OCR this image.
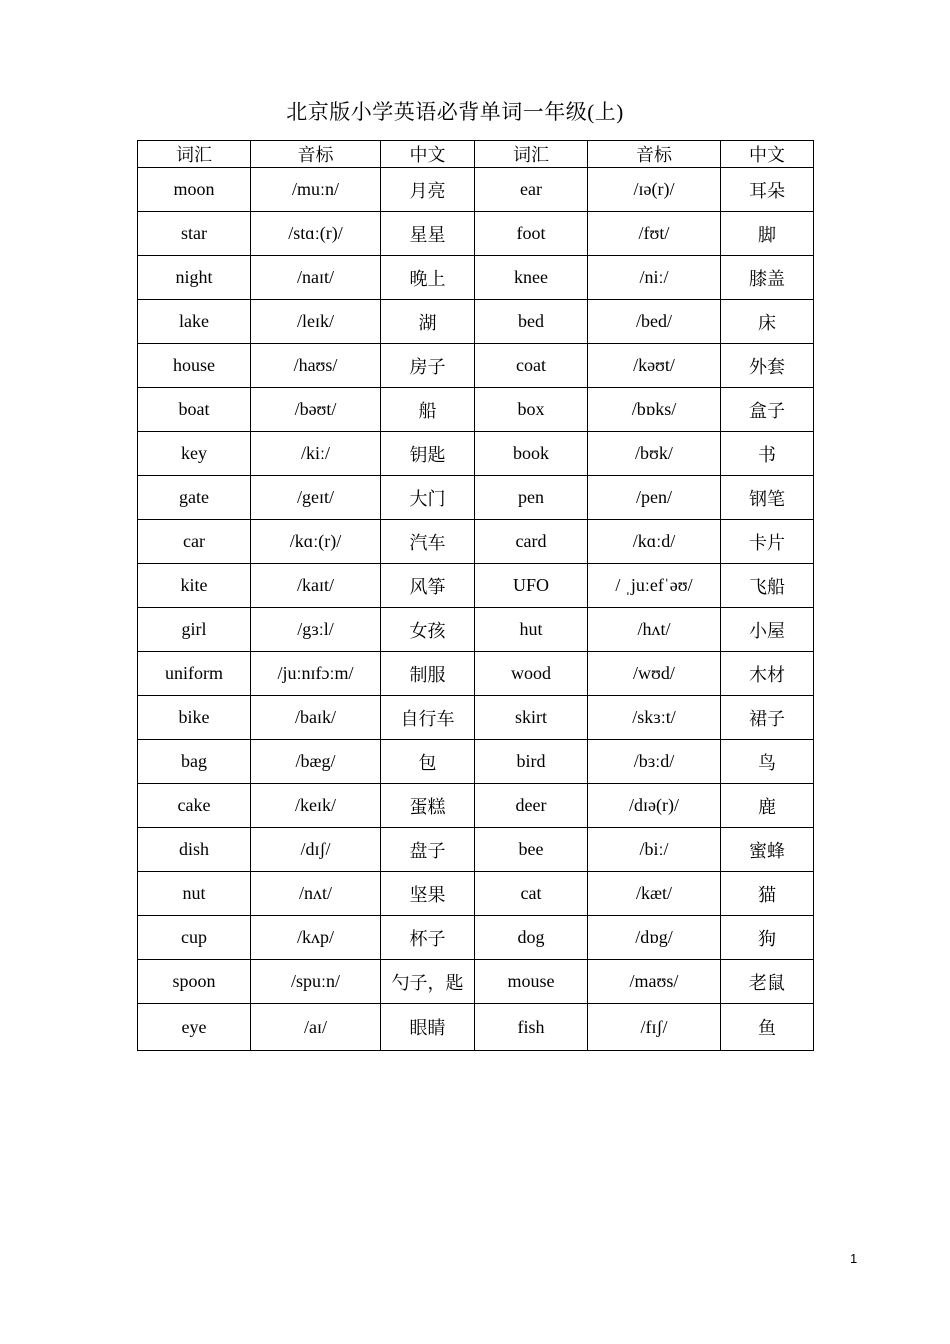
北京版小学英语必背单词一年级(上)
词汇	音标	中文	词汇	音标	中文
moon	/muːn/	月亮	ear	/ɪə(r)/	耳朵
star	/stɑː(r)/	星星	foot	/fʊt/	脚
night	/naɪt/	晚上	knee	/niː/	膝盖
lake	/leɪk/	湖	bed	/bed/	床
house	/haʊs/	房子	coat	/kəʊt/	外套
boat	/bəʊt/	船	box	/bɒks/	盒子
key	/kiː/	钥匙	book	/bʊk/	书
gate	/geɪt/	大门	pen	/pen/	钢笔
car	/kɑː(r)/	汽车	card	/kɑːd/	卡片
kite	/kaɪt/	风筝	UFO	/ ˌjuːefˈəʊ/	飞船
girl	/gɜːl/	女孩	hut	/hʌt/	小屋
uniform	/juːnɪfɔːm/	制服	wood	/wʊd/	木材
bike	/baɪk/	自行车	skirt	/skɜːt/	裙子
bag	/bæg/	包	bird	/bɜːd/	鸟
cake	/keɪk/	蛋糕	deer	/dɪə(r)/	鹿
dish	/dɪʃ/	盘子	bee	/biː/	蜜蜂
nut	/nʌt/	坚果	cat	/kæt/	猫
cup	/kʌp/	杯子	dog	/dɒg/	狗
spoon	/spuːn/	勺子，匙	mouse	/maʊs/	老鼠
eye	/aɪ/	眼睛	fish	/fɪʃ/	鱼
1
